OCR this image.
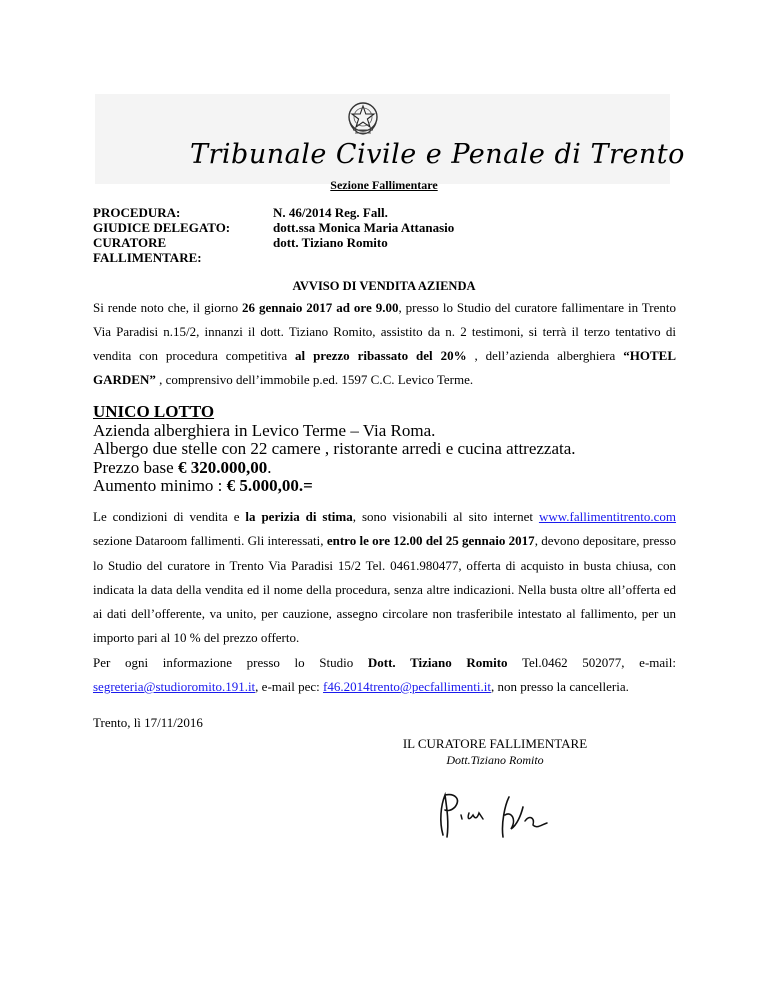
Tribunale Civile e Penale di Trento
Sezione Fallimentare
PROCEDURA:	N. 46/2014 Reg. Fall.
GIUDICE DELEGATO:	dott.ssa Monica Maria Attanasio
CURATORE FALLIMENTARE:
dott. Tiziano Romito
AVVISO DI VENDITA AZIENDA
Si rende noto che, il giorno 26 gennaio 2017 ad ore 9.00, presso lo Studio del curatore fallimentare in Trento Via Paradisi n.15/2, innanzi il dott. Tiziano Romito, assistito da n. 2 testimoni, si terrà il terzo tentativo di vendita con procedura competitiva al prezzo ribassato del 20% , dell’azienda alberghiera “HOTEL GARDEN” , comprensivo dell’immobile p.ed. 1597 C.C. Levico Terme.
UNICO LOTTO
Azienda alberghiera in Levico Terme – Via Roma.
Albergo due stelle con 22 camere , ristorante arredi e cucina attrezzata.
Prezzo base € 320.000,00.
Aumento minimo : € 5.000,00.=
Le condizioni di vendita e la perizia di stima, sono visionabili al sito internet www.fallimentitrento.com sezione Dataroom fallimenti. Gli interessati, entro le ore 12.00 del 25 gennaio 2017, devono depositare, presso lo Studio del curatore in Trento Via Paradisi 15/2 Tel. 0461.980477, offerta di acquisto in busta chiusa, con indicata la data della vendita ed il nome della procedura, senza altre indicazioni. Nella busta oltre all’offerta ed ai dati dell’offerente, va unito, per cauzione, assegno circolare non trasferibile intestato al fallimento, per un importo pari al 10 % del prezzo offerto.
Per ogni informazione presso lo Studio Dott. Tiziano Romito Tel.0462 502077, e-mail: segreteria@studioromito.191.it, e-mail pec: f46.2014trento@pecfallimenti.it, non presso la cancelleria.
Trento, lì 17/11/2016
IL CURATORE FALLIMENTARE
Dott.Tiziano Romito
